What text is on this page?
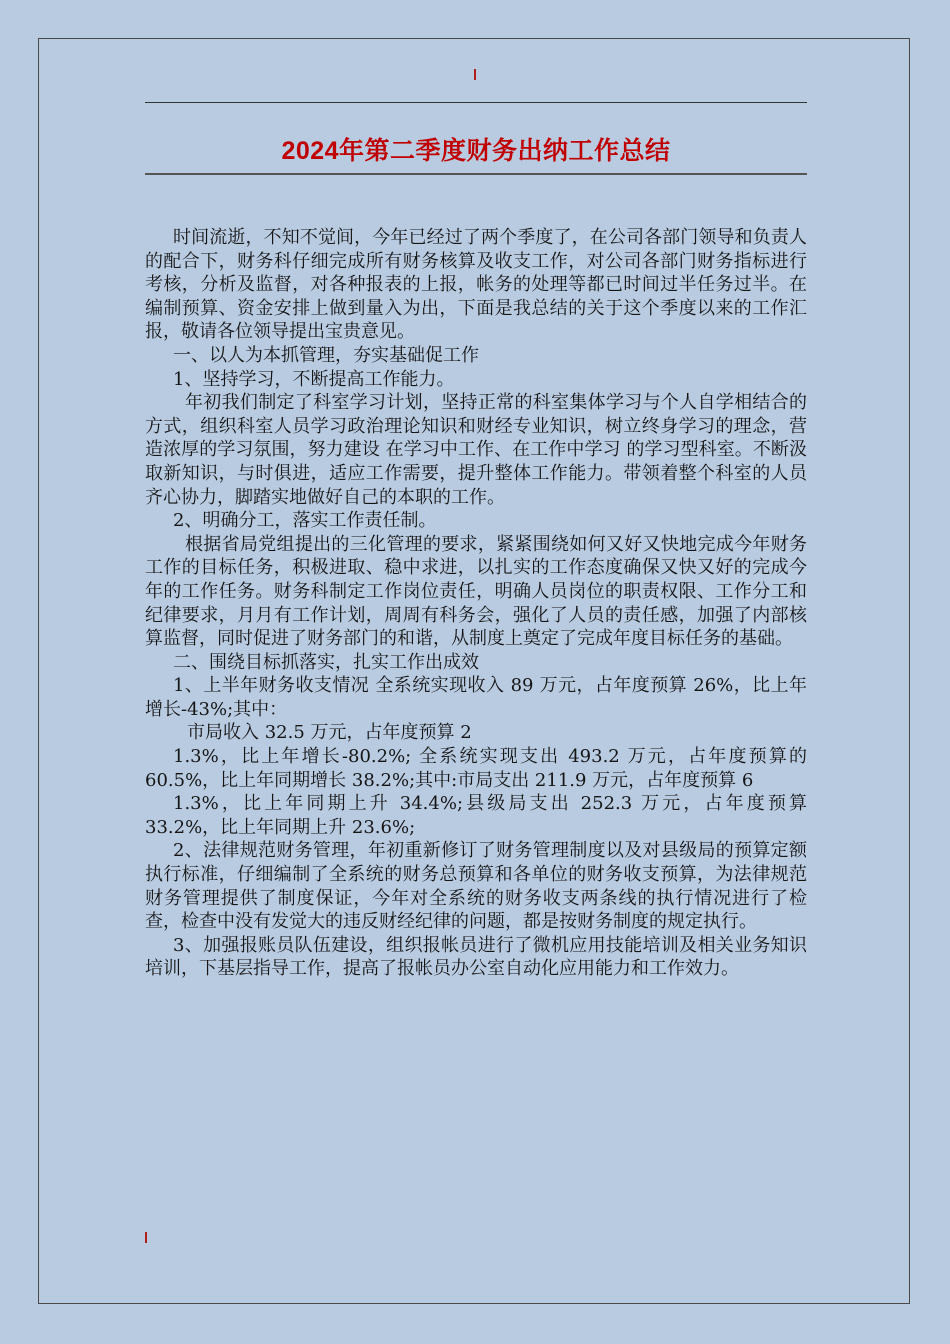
2024年第二季度财务出纳工作总结

时间流逝，不知不觉间，今年已经过了两个季度了，在公司各部门领导和负责人的配合下，财务科仔细完成所有财务核算及收支工作，对公司各部门财务指标进行考核，分析及监督，对各种报表的上报，帐务的处理等都已时间过半任务过半。在编制预算、资金安排上做到量入为出，下面是我总结的关于这个季度以来的工作汇报，敬请各位领导提出宝贵意见。

一、以人为本抓管理，夯实基础促工作

1、坚持学习，不断提高工作能力。

年初我们制定了科室学习计划，坚持正常的科室集体学习与个人自学相结合的方式，组织科室人员学习政治理论知识和财经专业知识，树立终身学习的理念，营造浓厚的学习氛围，努力建设 在学习中工作、在工作中学习 的学习型科室。不断汲取新知识，与时俱进，适应工作需要，提升整体工作能力。带领着整个科室的人员齐心协力，脚踏实地做好自己的本职的工作。

2、明确分工，落实工作责任制。

根据省局党组提出的三化管理的要求，紧紧围绕如何又好又快地完成今年财务工作的目标任务，积极进取、稳中求进，以扎实的工作态度确保又快又好的完成今年的工作任务。财务科制定工作岗位责任，明确人员岗位的职责权限、工作分工和纪律要求，月月有工作计划，周周有科务会，强化了人员的责任感，加强了内部核算监督，同时促进了财务部门的和谐，从制度上奠定了完成年度目标任务的基础。

二、围绕目标抓落实，扎实工作出成效

1、上半年财务收支情况 全系统实现收入 89 万元，占年度预算 26%，比上年增长-43%;其中：

市局收入 32.5 万元，占年度预算 2

1.3%，比上年增长-80.2%; 全系统实现支出 493.2 万元，占年度预算的 60.5%，比上年同期增长 38.2%;其中:市局支出 211.9 万元，占年度预算 6

1.3%，比上年同期上升 34.4%;县级局支出 252.3 万元，占年度预算 33.2%，比上年同期上升 23.6%;

2、法律规范财务管理，年初重新修订了财务管理制度以及对县级局的预算定额执行标准，仔细编制了全系统的财务总预算和各单位的财务收支预算，为法律规范财务管理提供了制度保证，今年对全系统的财务收支两条线的执行情况进行了检查，检查中没有发觉大的违反财经纪律的问题，都是按财务制度的规定执行。

3、加强报账员队伍建设，组织报帐员进行了微机应用技能培训及相关业务知识培训，下基层指导工作，提高了报帐员办公室自动化应用能力和工作效力。
